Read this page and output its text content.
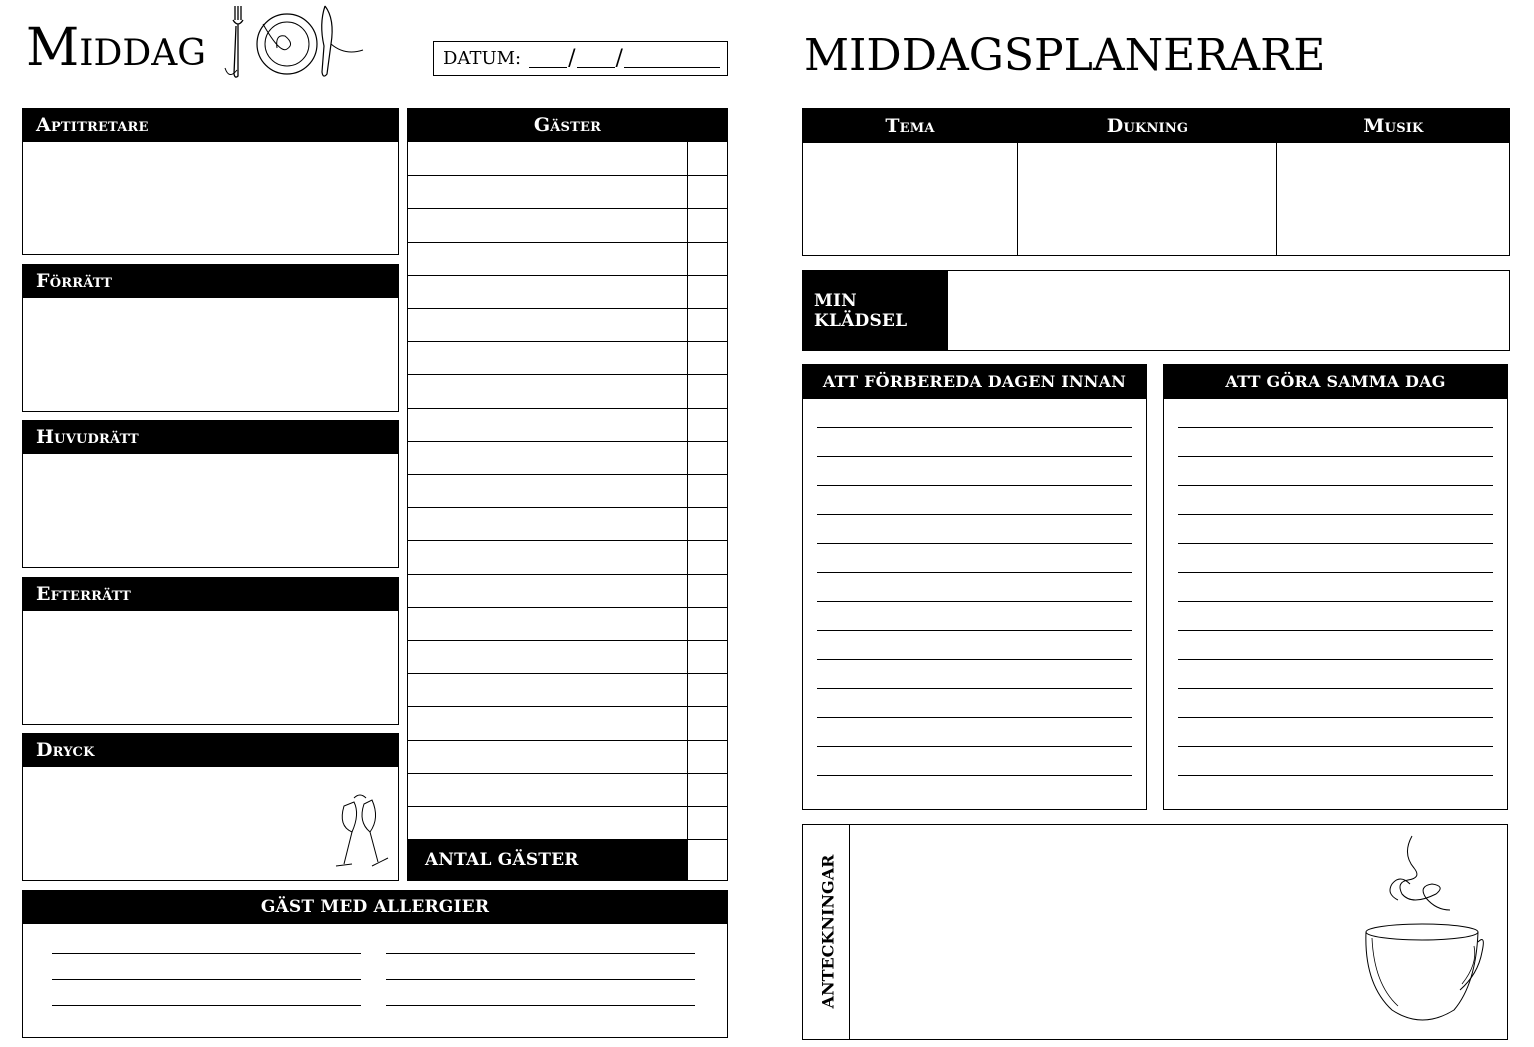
Middag	DATUM: / /
Aptitretare
Förrätt
Huvudrätt
Efterrätt
Dryck
Gäster
ANTAL GÄSTER
GÄST MED ALLERGIER
MIDDAGSPLANERARE
Tema	Dukning	Musik
MIN KLÄDSEL
ATT FÖRBEREDA DAGEN INNAN	ATT GÖRA SAMMA DAG
ANTECKNINGAR
